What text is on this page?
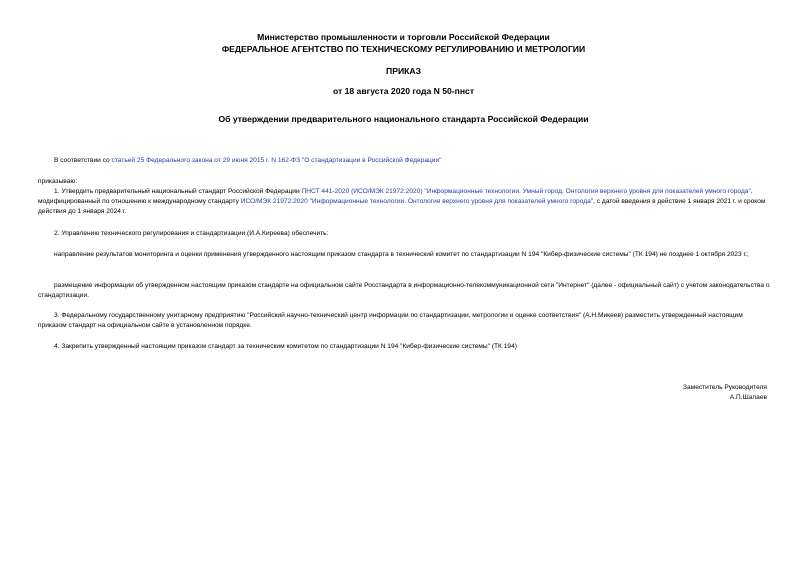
Министерство промышленности и торговли Российской Федерации
ФЕДЕРАЛЬНОЕ АГЕНТСТВО ПО ТЕХНИЧЕСКОМУ РЕГУЛИРОВАНИЮ И МЕТРОЛОГИИ
ПРИКАЗ
от 18 августа 2020 года N 50-пнст
Об утверждении предварительного национального стандарта Российской Федерации
В соответствии со статьей 25 Федерального закона от 29 июня 2015 г. N 162-ФЗ "О стандартизации в Российской Федерации"
приказываю:
1. Утвердить предварительный национальный стандарт Российской Федерации ПНСТ 441-2020 (ИСО/МЭК 21972:2020) "Информационные технологии. Умный город. Онтология верхнего уровня для показателей умного города", модифицированный по отношению к международному стандарту ИСО/МЭК 21972:2020 "Информационные технологии. Онтология верхнего уровня для показателей умного города", с датой введения в действие 1 января 2021 г. и сроком действия до 1 января 2024 г.
2. Управлению технического регулирования и стандартизации (И.А.Киреева) обеспечить:
направление результатов мониторинга и оценки применения утвержденного настоящим приказом стандарта в технический комитет по стандартизации N 194 "Кибер-физические системы" (ТК 194) не позднее 1 октября 2023 г.;
размещение информации об утвержденном настоящим приказом стандарте на официальном сайте Росстандарта в информационно-телекоммуникационной сети "Интернет" (далее - официальный сайт) с учетом законодательства о стандартизации.
3. Федеральному государственному унитарному предприятию "Российский научно-технический центр информации по стандартизации, метрологии и оценке соответствия" (А.Н.Микеев) разместить утвержденный настоящим приказом стандарт на официальном сайте в установленном порядке.
4. Закрепить утвержденный настоящим приказом стандарт за техническим комитетом по стандартизации N 194 "Кибер-физические системы" (ТК 194)
Заместитель Руководителя
А.П.Шалаев
